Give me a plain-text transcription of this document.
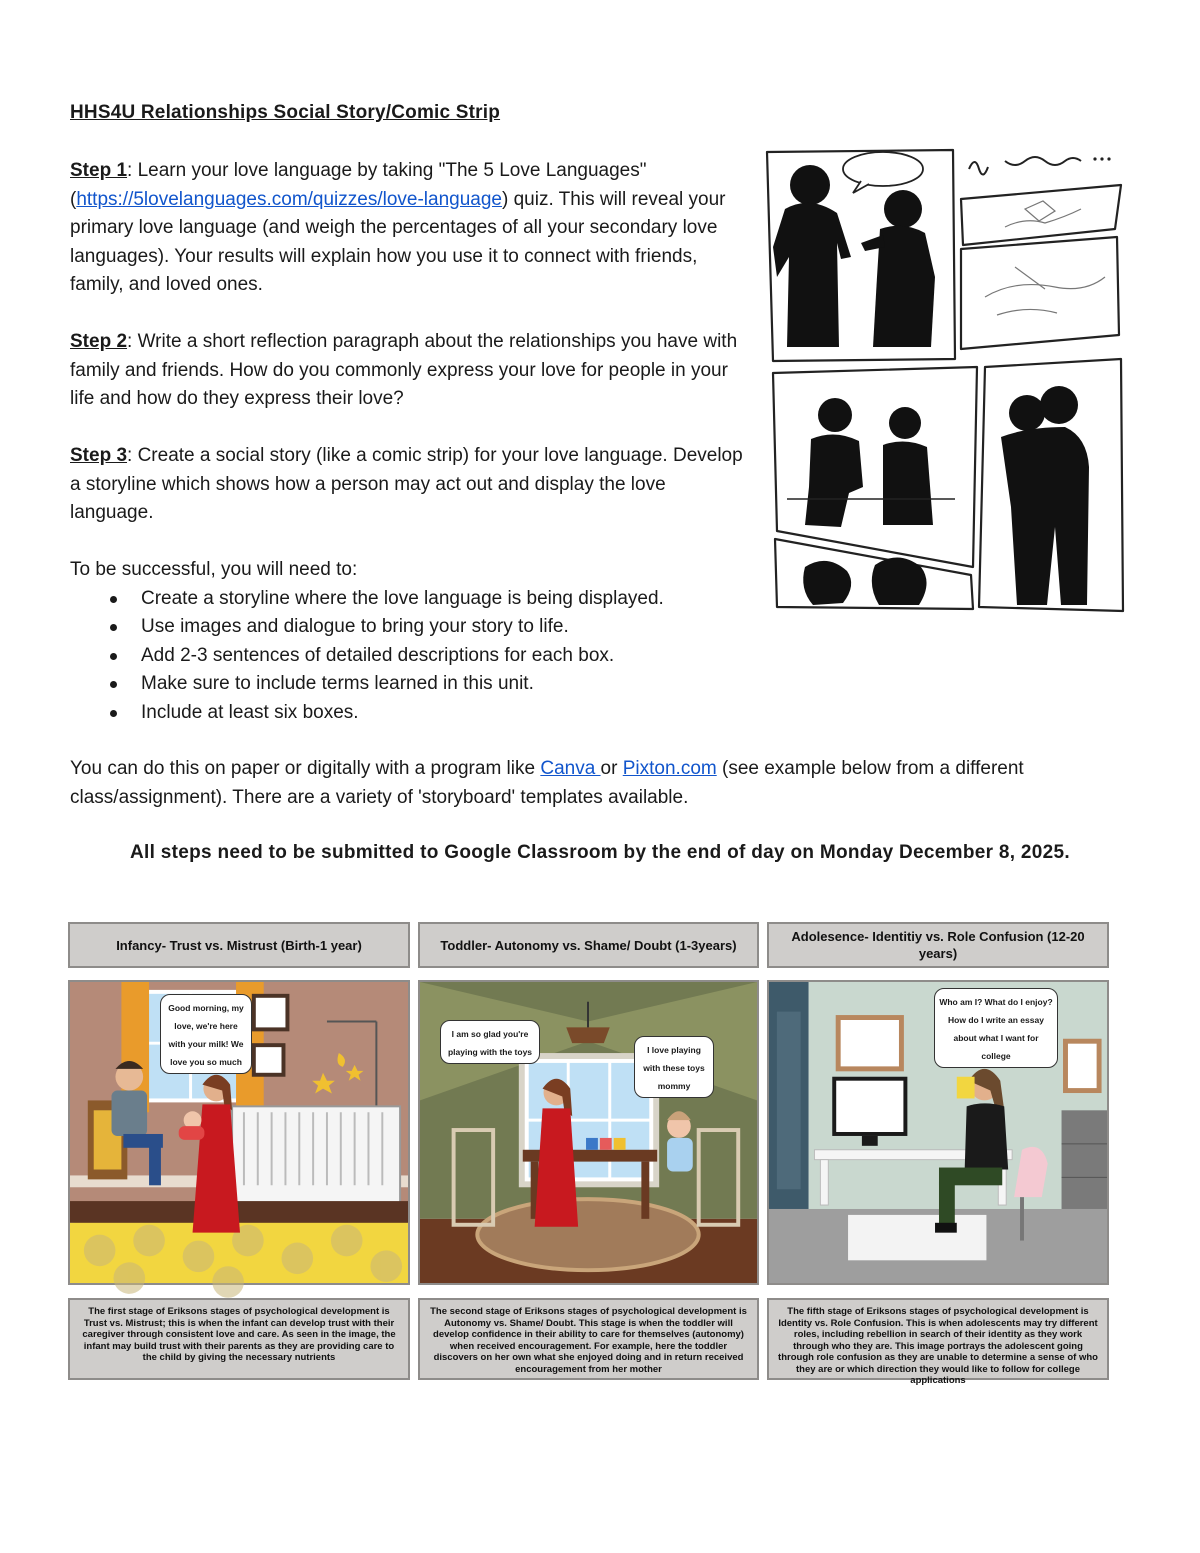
HHS4U Relationships Social Story/Comic Strip

Step 1: Learn your love language by taking "The 5 Love Languages" (https://5lovelanguages.com/quizzes/love-language) quiz. This will reveal your primary love language (and weigh the percentages of all your secondary love languages). Your results will explain how you use it to connect with friends, family, and loved ones.

Step 2: Write a short reflection paragraph about the relationships you have with family and friends. How do you commonly express your love for people in your life and how do they express their love?

Step 3: Create a social story (like a comic strip) for your love language. Develop a storyline which shows how a person may act out and display the love language.

To be successful, you will need to:

Create a storyline where the love language is being displayed.
Use images and dialogue to bring your story to life.
Add 2-3 sentences of detailed descriptions for each box.
Make sure to include terms learned in this unit.
Include at least six boxes.

You can do this on paper or digitally with a program like Canva or Pixton.com (see example below from a different class/assignment). There are a variety of 'storyboard' templates available.

All steps need to be submitted to Google Classroom by the end of day on Monday December 8, 2025.
Infancy- Trust vs. Mistrust (Birth-1 year)	Toddler- Autonomy vs. Shame/ Doubt (1-3years)
Adolesence- Identitiy vs. Role Confusion (12-20 years)
Good morning, my love, we're here with your milk! We love you so much
I am so glad you're playing with the toys	I love playing with these toys mommy
Who am I? What do I enjoy? How do I write an essay about what I want for college
The first stage of Eriksons stages of psychological development is Trust vs. Mistrust; this is when the infant can develop trust with their caregiver through consistent love and care. As seen in the image, the infant may build trust with their parents as they are providing care to the child by giving the necessary nutrients
The second stage of Eriksons stages of psychological development is Autonomy vs. Shame/ Doubt. This stage is when the toddler will develop confidence in their ability to care for themselves (autonomy) when received encouragement. For example, here the toddler discovers on her own what she enjoyed doing and in return received encouragement from her mother
The fifth stage of Eriksons stages of psychological development is Identity vs. Role Confusion. This is when adolescents may try different roles, including rebellion in search of their identity as they work through who they are. This image portrays the adolescent going through role confusion as they are unable to determine a sense of who they are or which direction they would like to follow for college applications
